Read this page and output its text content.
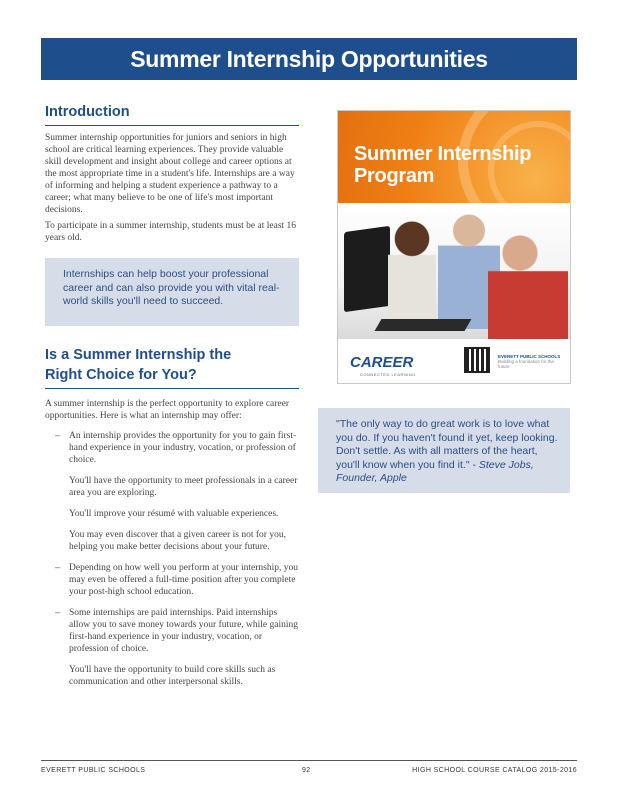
Summer Internship Opportunities
Introduction
Summer internship opportunities for juniors and seniors in high school are critical learning experiences. They provide valuable skill development and insight about college and career options at the most appropriate time in a student's life. Internships are a way of informing and helping a student experience a pathway to a career; what many believe to be one of life's most important decisions.
To participate in a summer internship, students must be at least 16 years old.
Internships can help boost your professional career and can also provide you with vital real-world skills you'll need to succeed.
Summer Internship
Program
CAREER
CONNECTED LEARNING
EVERETT PUBLIC SCHOOLS
Building a foundation for the future
Is a Summer Internship the
Right Choice for You?
A summer internship is the perfect opportunity to explore career opportunities. Here is what an internship may offer:
– An internship provides the opportunity for you to gain first-hand experience in your industry, vocation, or profession of choice.
You'll have the opportunity to meet professionals in a career area you are exploring.
You'll improve your résumé with valuable experiences.
You may even discover that a given career is not for you, helping you make better decisions about your future.
– Depending on how well you perform at your internship, you may even be offered a full-time position after you complete your post-high school education.
– Some internships are paid internships. Paid internships allow you to save money towards your future, while gaining first-hand experience in your industry, vocation, or profession of choice.
You'll have the opportunity to build core skills such as communication and other interpersonal skills.
"The only way to do great work is to love what you do. If you haven't found it yet, keep looking. Don't settle. As with all matters of the heart, you'll know when you find it." - Steve Jobs, Founder, Apple
EVERETT PUBLIC SCHOOLS	92	HIGH SCHOOL COURSE CATALOG 2015-2016
